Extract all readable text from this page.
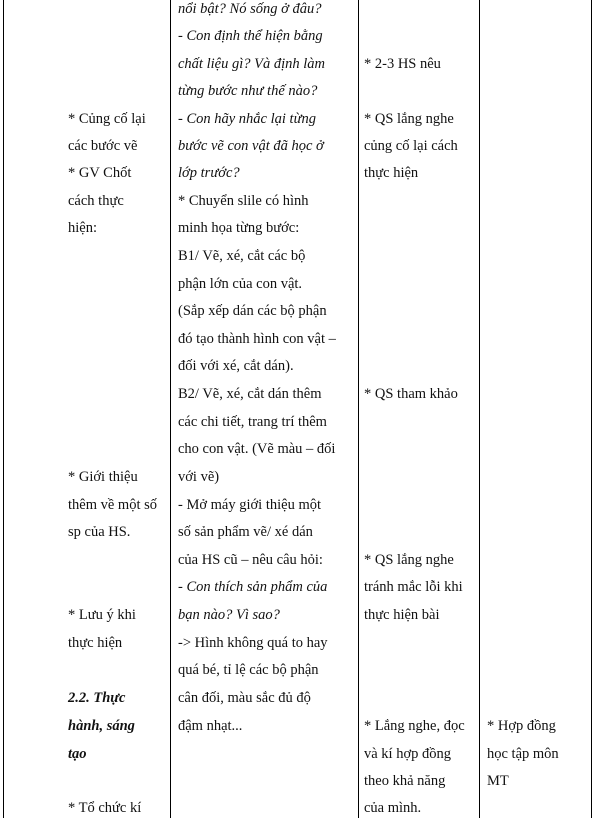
* Củng cố lại
các bước vẽ
* GV Chốt
cách thực
hiện:
* Giới thiệu
thêm về một số
sp của HS.
* Lưu ý khi
thực hiện
2.2. Thực
hành, sáng
tạo
* Tổ chức kí
nổi bật? Nó sống ở đâu?
- Con định thể hiện bằng
chất liệu gì? Và định làm
từng bước như thế nào?
- Con hãy nhắc lại từng
bước vẽ con vật đã học ở
lớp trước?
* Chuyển slile có hình
minh họa từng bước:
B1/ Vẽ, xé, cắt các bộ
phận lớn của con vật.
(Sắp xếp dán các bộ phận
đó tạo thành hình con vật –
đối với xé, cắt dán).
B2/ Vẽ, xé, cắt dán thêm
các chi tiết, trang trí thêm
cho con vật. (Vẽ màu – đối
với vẽ)
- Mở máy giới thiệu một
số sản phẩm vẽ/ xé dán
của HS cũ – nêu câu hỏi:
- Con thích sản phẩm của
bạn nào? Vì sao?
-> Hình không quá to hay
quá bé, tỉ lệ các bộ phận
cân đối, màu sắc đủ độ
đậm nhạt...
* 2-3 HS nêu
* QS lắng nghe
củng cố lại cách
thực hiện
* QS tham khảo
* QS lắng nghe
tránh mắc lỗi khi
thực hiện bài
* Lắng nghe, đọc
và kí hợp đồng
theo khả năng
của mình.
* Hợp đồng
học tập môn
MT
